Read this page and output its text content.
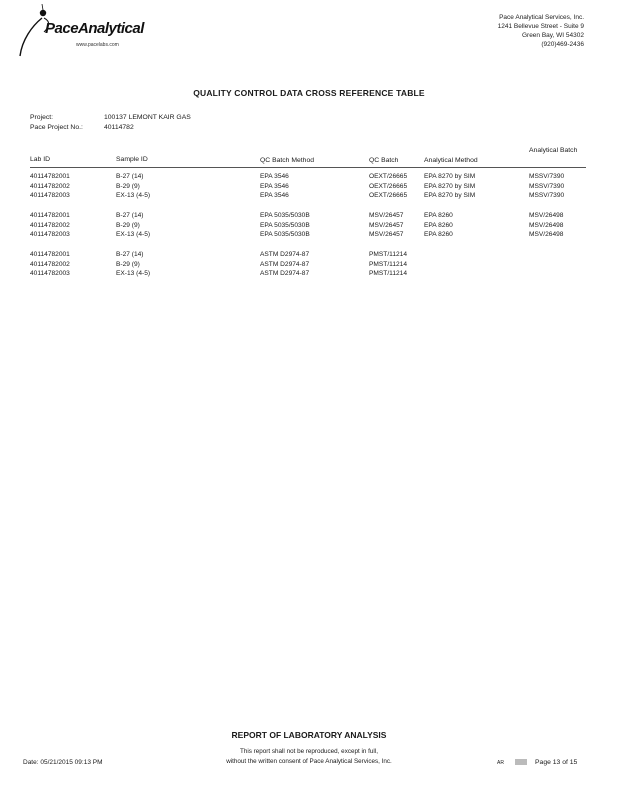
PaceAnalytical
www.pacelabs.com
Pace Analytical Services, Inc.
1241 Bellevue Street - Suite 9
Green Bay, WI 54302
(920)469-2436
QUALITY CONTROL DATA CROSS REFERENCE TABLE
Project:	100137 LEMONT KAIR GAS
Pace Project No.:	40114782
Lab ID	Sample ID	QC Batch Method	QC Batch	Analytical Method
Analytical Batch
40114782001	B-27 (14)	EPA 3546	OEXT/26665	EPA 8270 by SIM	MSSV/7390
40114782002	B-29 (9)	EPA 3546	OEXT/26665	EPA 8270 by SIM	MSSV/7390
40114782003	EX-13 (4-5)	EPA 3546	OEXT/26665	EPA 8270 by SIM	MSSV/7390
40114782001	B-27 (14)	EPA 5035/5030B	MSV/26457	EPA 8260	MSV/26498
40114782002	B-29 (9)	EPA 5035/5030B	MSV/26457	EPA 8260	MSV/26498
40114782003	EX-13 (4-5)	EPA 5035/5030B	MSV/26457	EPA 8260	MSV/26498
40114782001	B-27 (14)	ASTM D2974-87	PMST/11214
40114782002	B-29 (9)	ASTM D2974-87	PMST/11214
40114782003	EX-13 (4-5)	ASTM D2974-87	PMST/11214
REPORT OF LABORATORY ANALYSIS
This report shall not be reproduced, except in full,
without the written consent of Pace Analytical Services, Inc.
Date: 05/21/2015 09:13 PM	AR	Page 13 of 15
